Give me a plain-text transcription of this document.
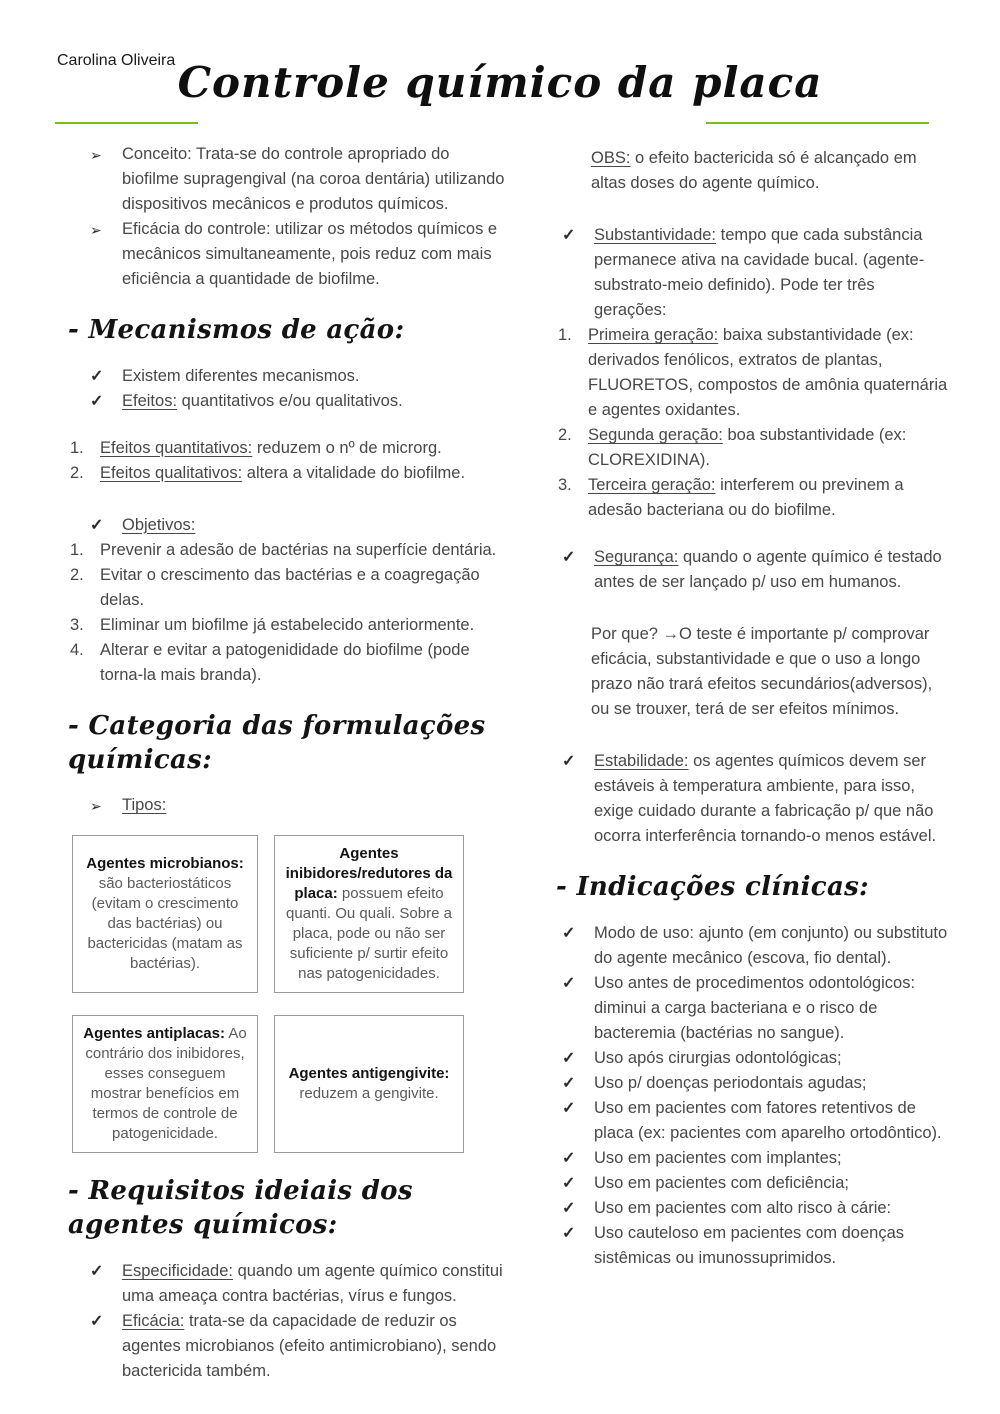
Carolina Oliveira Controle químico da placa
➢	Conceito: Trata-se do controle apropriado do biofilme supragengival (na coroa dentária) utilizando dispositivos mecânicos e produtos químicos.
➢	Eficácia do controle: utilizar os métodos químicos e mecânicos simultaneamente, pois reduz com mais eficiência a quantidade de biofilme.
- Mecanismos de ação:
✓	Existem diferentes mecanismos.
✓	Efeitos: quantitativos e/ou qualitativos.
1. Efeitos quantitativos: reduzem o nº de microrg.
2. Efeitos qualitativos: altera a vitalidade do biofilme.
✓	Objetivos:
1. Prevenir a adesão de bactérias na superfície dentária.
2. Evitar o crescimento das bactérias e a coagregação delas.
3. Eliminar um biofilme já estabelecido anteriormente.
4. Alterar e evitar a patogenididade do biofilme (pode torna-la mais branda).
- Categoria das formulações químicas:
➢	Tipos:
Agentes microbianos: são bacteriostáticos (evitam o crescimento das bactérias) ou bactericidas (matam as bactérias).
Agentes inibidores/redutores da placa: possuem efeito quanti. Ou quali. Sobre a placa, pode ou não ser suficiente p/ surtir efeito nas patogenicidades.
Agentes antiplacas: Ao contrário dos inibidores, esses conseguem mostrar benefícios em termos de controle de patogenicidade.
Agentes antigengivite: reduzem a gengivite.
- Requisitos ideiais dos agentes químicos:
✓	Especificidade: quando um agente químico constitui uma ameaça contra bactérias, vírus e fungos.
✓	Eficácia: trata-se da capacidade de reduzir os agentes microbianos (efeito antimicrobiano), sendo bactericida também.
OBS: o efeito bactericida só é alcançado em altas doses do agente químico.
✓	Substantividade: tempo que cada substância permanece ativa na cavidade bucal. (agente-substrato-meio definido). Pode ter três gerações:
1. Primeira geração: baixa substantividade (ex: derivados fenólicos, extratos de plantas, FLUORETOS, compostos de amônia quaternária e agentes oxidantes.
2. Segunda geração: boa substantividade (ex: CLOREXIDINA).
3. Terceira geração: interferem ou previnem a adesão bacteriana ou do biofilme.
✓	Segurança: quando o agente químico é testado antes de ser lançado p/ uso em humanos.
Por que? →O teste é importante p/ comprovar eficácia, substantividade e que o uso a longo prazo não trará efeitos secundários(adversos), ou se trouxer, terá de ser efeitos mínimos.
✓	Estabilidade: os agentes químicos devem ser estáveis à temperatura ambiente, para isso, exige cuidado durante a fabricação p/ que não ocorra interferência tornando-o menos estável.
- Indicações clínicas:
✓	Modo de uso: ajunto (em conjunto) ou substituto do agente mecânico (escova, fio dental).
✓	Uso antes de procedimentos odontológicos: diminui a carga bacteriana e o risco de bacteremia (bactérias no sangue).
✓	Uso após cirurgias odontológicas;
✓	Uso p/ doenças periodontais agudas;
✓	Uso em pacientes com fatores retentivos de placa (ex: pacientes com aparelho ortodôntico).
✓	Uso em pacientes com implantes;
✓	Uso em pacientes com deficiência;
✓	Uso em pacientes com alto risco à cárie:
✓	Uso cauteloso em pacientes com doenças sistêmicas ou imunossuprimidos.
